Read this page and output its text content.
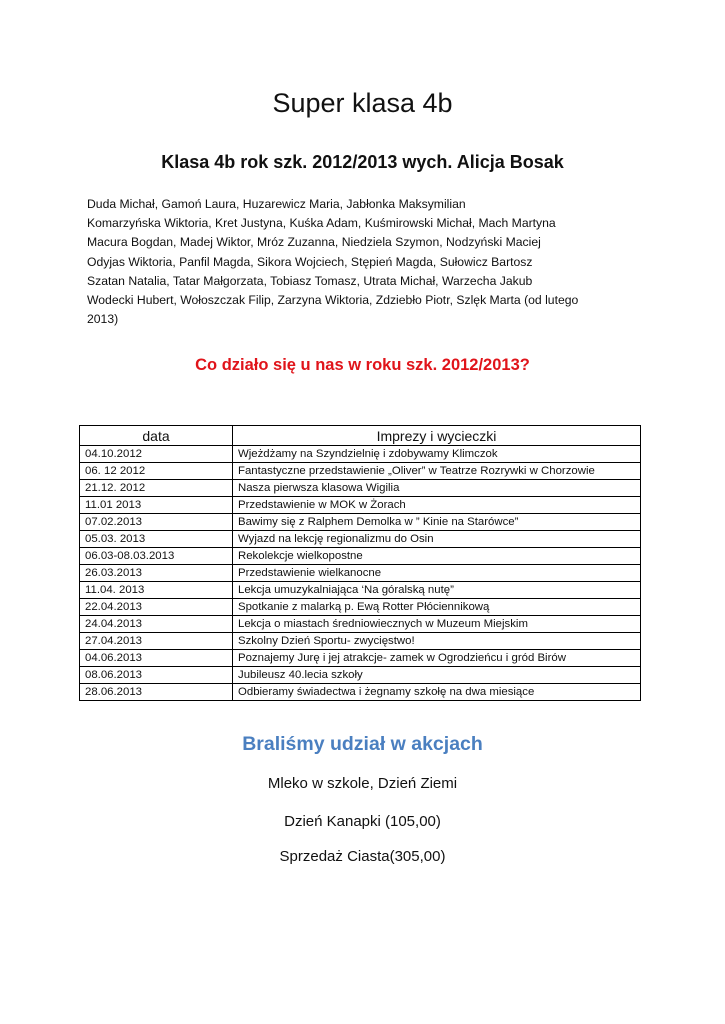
Super klasa 4b
Klasa 4b rok szk. 2012/2013 wych. Alicja Bosak
Duda Michał, Gamoń Laura, Huzarewicz Maria, Jabłonka Maksymilian
Komarzyńska Wiktoria, Kret Justyna, Kuśka Adam, Kuśmirowski Michał, Mach Martyna
Macura Bogdan, Madej Wiktor, Mróz Zuzanna, Niedziela Szymon, Nodzyński Maciej
Odyjas Wiktoria, Panfil Magda, Sikora Wojciech, Stępień Magda, Sułowicz Bartosz
Szatan Natalia, Tatar Małgorzata, Tobiasz Tomasz, Utrata Michał, Warzecha Jakub
Wodecki Hubert, Wołoszczak Filip, Zarzyna Wiktoria, Zdziebło Piotr, Szlęk Marta (od lutego
2013)
Co działo się u nas w roku szk. 2012/2013?
data	Imprezy i wycieczki
04.10.2012	Wjeżdżamy na Szyndzielnię i zdobywamy Klimczok
06. 12 2012	Fantastyczne przedstawienie „Oliver” w Teatrze Rozrywki w Chorzowie
21.12. 2012	Nasza pierwsza klasowa Wigilia
11.01 2013	Przedstawienie w MOK w Żorach
07.02.2013	Bawimy się z Ralphem Demolka w ” Kinie na Starówce”
05.03. 2013	Wyjazd na lekcję regionalizmu do Osin
06.03-08.03.2013	Rekolekcje wielkopostne
26.03.2013	Przedstawienie wielkanocne
11.04. 2013	Lekcja umuzykalniająca ‘Na góralską nutę”
22.04.2013	Spotkanie z malarką p. Ewą Rotter Płóciennikową
24.04.2013	Lekcja o miastach średniowiecznych w Muzeum Miejskim
27.04.2013	Szkolny Dzień Sportu- zwycięstwo!
04.06.2013	Poznajemy Jurę i jej atrakcje- zamek w Ogrodzieńcu i gród Birów
08.06.2013	Jubileusz 40.lecia szkoły
28.06.2013	Odbieramy świadectwa i żegnamy szkołę na dwa miesiące
Braliśmy udział w akcjach

Mleko w szkole, Dzień Ziemi

Dzień Kanapki (105,00)

Sprzedaż Ciasta(305,00)
